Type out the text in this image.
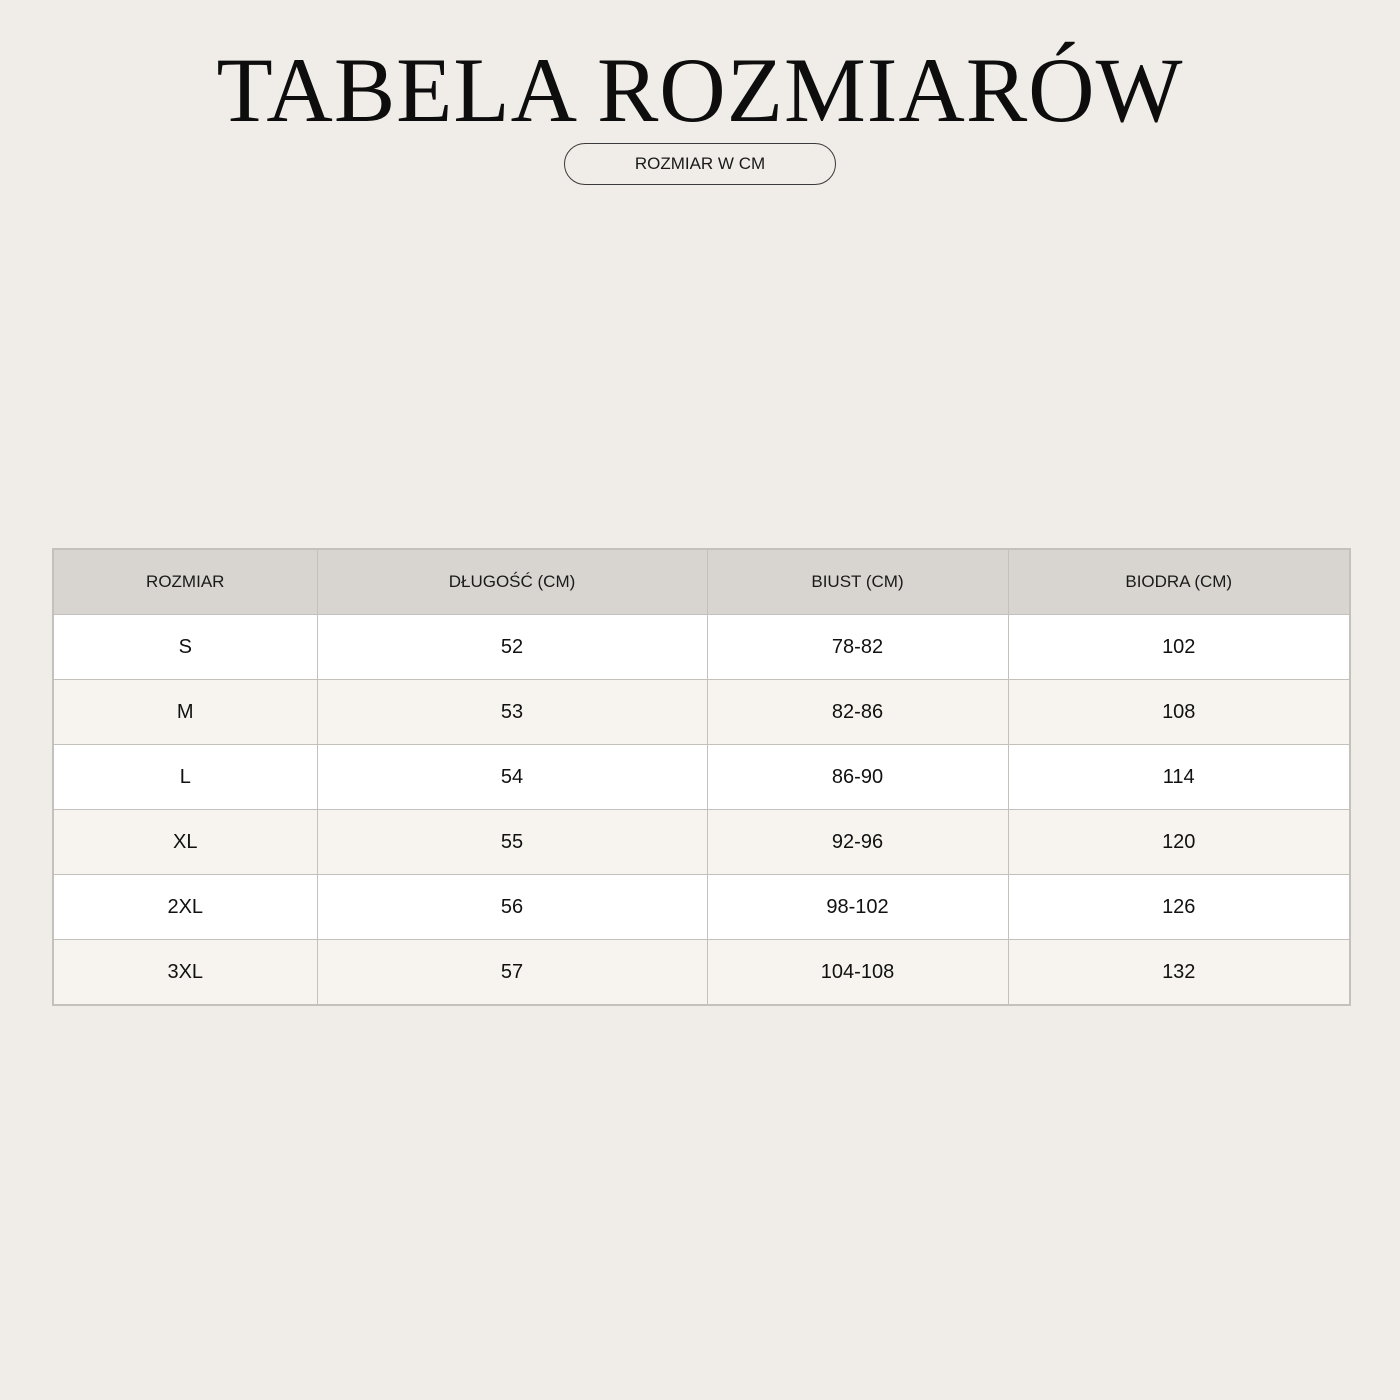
TABELA ROZMIARÓW
ROZMIAR W CM
ROZMIAR	DŁUGOŚĆ (CM)	BIUST (CM)	BIODRA (CM)
S	52	78-82	102
M	53	82-86	108
L	54	86-90	114
XL	55	92-96	120
2XL	56	98-102	126
3XL	57	104-108	132
